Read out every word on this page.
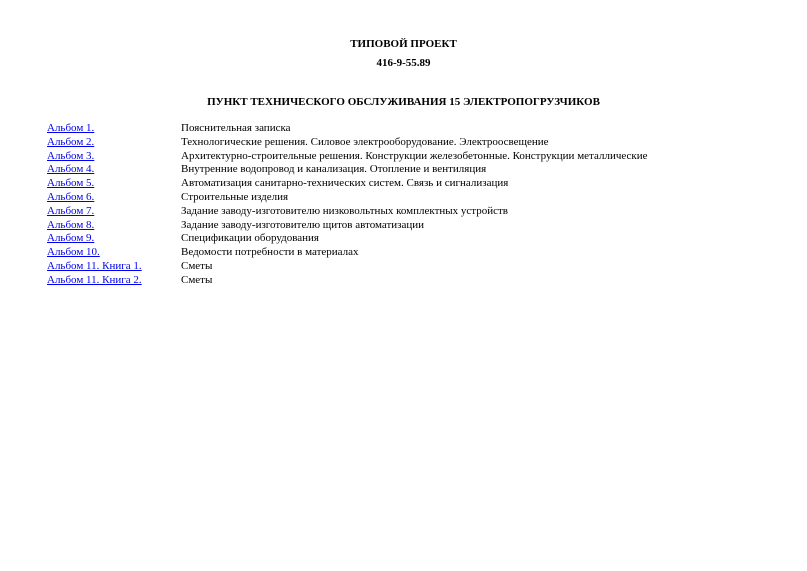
ТИПОВОЙ ПРОЕКТ
416-9-55.89
ПУНКТ ТЕХНИЧЕСКОГО ОБСЛУЖИВАНИЯ 15 ЭЛЕКТРОПОГРУЗЧИКОВ
Альбом 1.	Пояснительная записка
Альбом 2.	Технологические решения. Силовое электрооборудование. Электроосвещение
Альбом 3.	Архитектурно-строительные решения. Конструкции железобетонные. Конструкции металлические
Альбом 4.	Внутренние водопровод и канализация. Отопление и вентиляция
Альбом 5.	Автоматизация санитарно-технических систем. Связь и сигнализация
Альбом 6.	Строительные изделия
Альбом 7.	Задание заводу-изготовителю низковольтных комплектных устройств
Альбом 8.	Задание заводу-изготовителю щитов автоматизации
Альбом 9.	Спецификации оборудования
Альбом 10.	Ведомости потребности в материалах
Альбом 11. Книга 1.	Сметы
Альбом 11. Книга 2.	Сметы
